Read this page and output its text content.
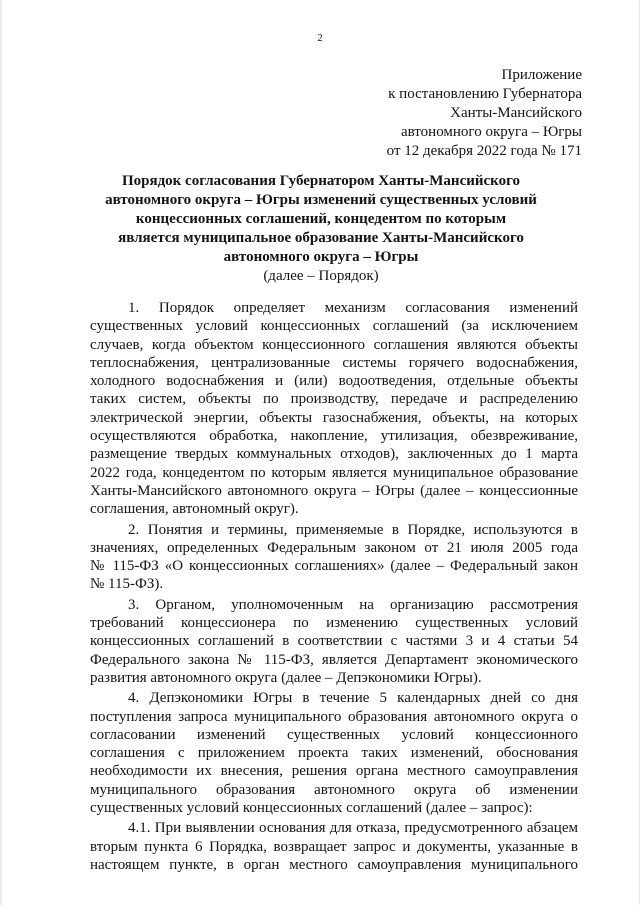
2
Приложение
к постановлению Губернатора
Ханты-Мансийского
автономного округа – Югры
от 12 декабря 2022 года № 171
Порядок согласования Губернатором Ханты-Мансийского
автономного округа – Югры изменений существенных условий
концессионных соглашений, концедентом по которым
является муниципальное образование Ханты-Мансийского
автономного округа – Югры
(далее – Порядок)
1. Порядок определяет механизм согласования изменений
существенных условий концессионных соглашений (за исключением
случаев, когда объектом концессионного соглашения являются объекты
теплоснабжения, централизованные системы горячего водоснабжения,
холодного водоснабжения и (или) водоотведения, отдельные объекты
таких систем, объекты по производству, передаче и распределению
электрической энергии, объекты газоснабжения, объекты, на которых
осуществляются обработка, накопление, утилизация, обезвреживание,
размещение твердых коммунальных отходов), заключенных до 1 марта
2022 года, концедентом по которым является муниципальное образование
Ханты-Мансийского автономного округа – Югры (далее – концессионные
соглашения, автономный округ).
2. Понятия и термины, применяемые в Порядке, используются в
значениях, определенных Федеральным законом от 21 июля 2005 года
№ 115-ФЗ «О концессионных соглашениях» (далее – Федеральный закон
№ 115-ФЗ).
3. Органом, уполномоченным на организацию рассмотрения
требований концессионера по изменению существенных условий
концессионных соглашений в соответствии с частями 3 и 4 статьи 54
Федерального закона № 115-ФЗ, является Департамент экономического
развития автономного округа (далее – Депэкономики Югры).
4. Депэкономики Югры в течение 5 календарных дней со дня
поступления запроса муниципального образования автономного округа о
согласовании изменений существенных условий концессионного
соглашения с приложением проекта таких изменений, обоснования
необходимости их внесения, решения органа местного самоуправления
муниципального образования автономного округа об изменении
существенных условий концессионных соглашений (далее – запрос):
4.1. При выявлении основания для отказа, предусмотренного абзацем
вторым пункта 6 Порядка, возвращает запрос и документы, указанные в
настоящем пункте, в орган местного самоуправления муниципального
